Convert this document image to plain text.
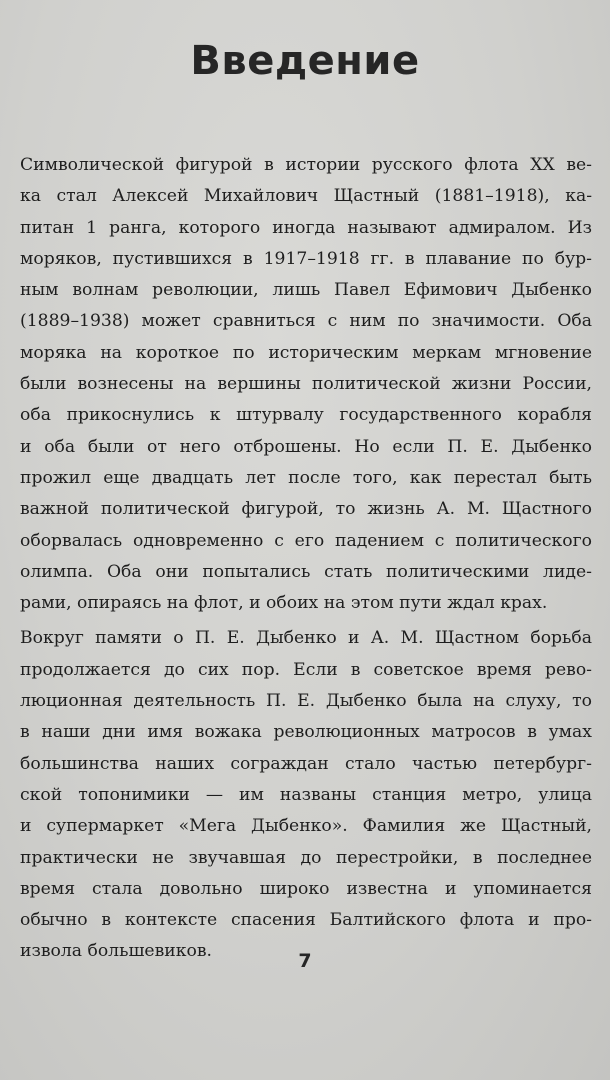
Введение

Символической фигурой в истории русского флота XX ве-
ка стал Алексей Михайлович Щастный (1881–1918), ка-
питан 1 ранга, которого иногда называют адмиралом. Из
моряков, пустившихся в 1917–1918 гг. в плавание по бур-
ным волнам революции, лишь Павел Ефимович Дыбенко
(1889–1938) может сравниться с ним по значимости. Оба
моряка на короткое по историческим меркам мгновение
были вознесены на вершины политической жизни России,
оба прикоснулись к штурвалу государственного корабля
и оба были от него отброшены. Но если П. Е. Дыбенко
прожил еще двадцать лет после того, как перестал быть
важной политической фигурой, то жизнь А. М. Щастного
оборвалась одновременно с его падением с политического
олимпа. Оба они попытались стать политическими лиде-
рами, опираясь на флот, и обоих на этом пути ждал крах.

Вокруг памяти о П. Е. Дыбенко и А. М. Щастном борьба
продолжается до сих пор. Если в советское время рево-
люционная деятельность П. Е. Дыбенко была на слуху, то
в наши дни имя вожака революционных матросов в умах
большинства наших сограждан стало частью петербург-
ской топонимики — им названы станция метро, улица
и супермаркет «Мега Дыбенко». Фамилия же Щастный,
практически не звучавшая до перестройки, в последнее
время стала довольно широко известна и упоминается
обычно в контексте спасения Балтийского флота и про-
извола большевиков.	7
